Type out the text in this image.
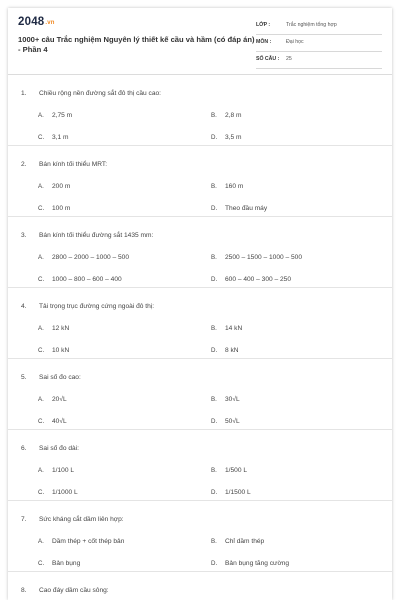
2048.vn
1000+ câu Trắc nghiệm Nguyên lý thiết kế cầu và hầm (có đáp án) - Phần 4
LỚP :	Trắc nghiệm tổng hợp
MÔN :	Đại học
SỐ CÂU : 25
1. Chiều rộng nền đường sắt đô thị cầu cao:
A. 2,75 m	B. 2,8 m
C. 3,1 m	D. 3,5 m
2. Bán kính tối thiểu MRT:
A. 200 m	B. 160 m
C. 100 m	D. Theo đầu máy
3. Bán kính tối thiểu đường sắt 1435 mm:
A. 2800 – 2000 – 1000 – 500	B. 2500 – 1500 – 1000 – 500
C. 1000 – 800 – 600 – 400	D. 600 – 400 – 300 – 250
4. Tải trọng trục đường cứng ngoài đô thị:
A. 12 kN	B. 14 kN
C. 10 kN	D. 8 kN
5. Sai số đo cao:
A. 20√L	B. 30√L
C. 40√L	D. 50√L
6. Sai số đo dài:
A. 1/100 L	B. 1/500 L
C. 1/1000 L	D. 1/1500 L
7. Sức kháng cắt dầm liên hợp:
A. Dầm thép + cốt thép bản	B. Chỉ dầm thép
C. Bản bụng	D. Bản bụng tăng cường
8. Cao đáy dầm cầu sông:
